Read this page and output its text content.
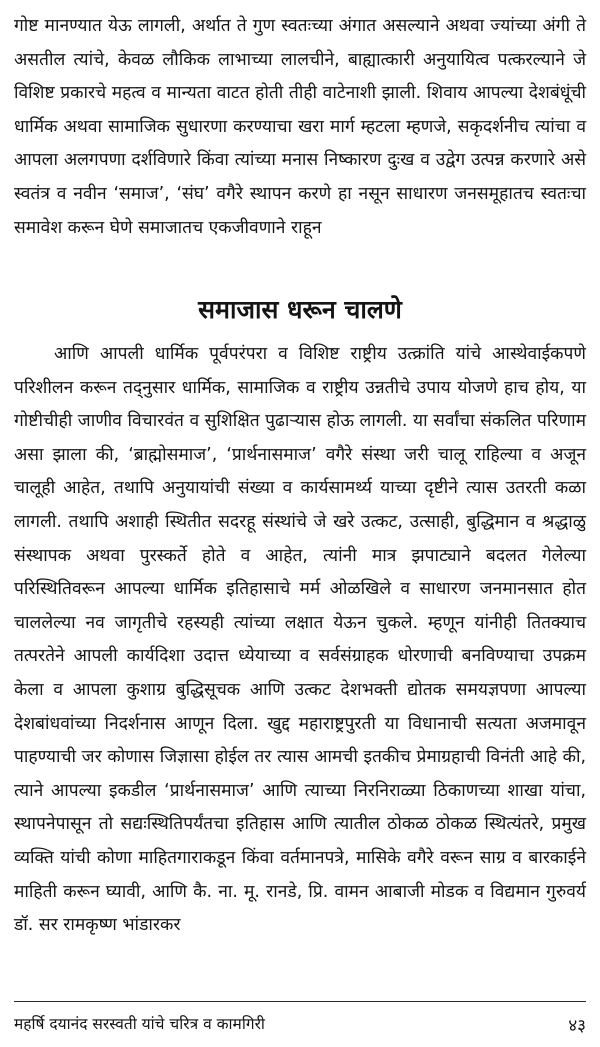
गोष्ट मानण्यात येऊ लागली, अर्थात ते गुण स्वतःच्या अंगात असल्याने अथवा ज्यांच्या अंगी ते असतील त्यांचे, केवळ लौकिक लाभाच्या लालचीने, बाह्यात्कारी अनुयायित्व पत्करल्याने जे विशिष्ट प्रकारचे महत्व व मान्यता वाटत होती तीही वाटेनाशी झाली. शिवाय आपल्या देशबंधूंची धार्मिक अथवा सामाजिक सुधारणा करण्याचा खरा मार्ग म्हटला म्हणजे, सकृदर्शनीच त्यांचा व आपला अलगपणा दर्शविणारे किंवा त्यांच्या मनास निष्कारण दुःख व उद्वेग उत्पन्न करणारे असे स्वतंत्र व नवीन ‘समाज’, ‘संघ’ वगैरे स्थापन करणे हा नसून साधारण जनसमूहातच स्वतःचा समावेश करून घेणे समाजातच एकजीवणाने राहून

समाजास धरून चालणे

आणि आपली धार्मिक पूर्वपरंपरा व विशिष्ट राष्ट्रीय उत्क्रांति यांचे आस्थेवाईकपणे परिशीलन करून तद्नुसार धार्मिक, सामाजिक व राष्ट्रीय उन्नतीचे उपाय योजणे हाच होय, या गोष्टीचीही जाणीव विचारवंत व सुशिक्षित पुढाऱ्यास होऊ लागली. या सर्वांचा संकलित परिणाम असा झाला की, ‘ब्राह्मोसमाज’, ‘प्रार्थनासमाज’ वगैरे संस्था जरी चालू राहिल्या व अजून चालूही आहेत, तथापि अनुयायांची संख्या व कार्यसामर्थ्य याच्या दृष्टीने त्यास उतरती कळा लागली. तथापि अशाही स्थितीत सदरहू संस्थांचे जे खरे उत्कट, उत्साही, बुद्धिमान व श्रद्धाळु संस्थापक अथवा पुरस्कर्ते होते व आहेत, त्यांनी मात्र झपाट्याने बदलत गेलेल्या परिस्थितिवरून आपल्या धार्मिक इतिहासाचे मर्म ओळखिले व साधारण जनमानसात होत चाललेल्या नव जागृतीचे रहस्यही त्यांच्या लक्षात येऊन चुकले. म्हणून यांनीही तितक्याच तत्परतेने आपली कार्यदिशा उदात्त ध्येयाच्या व सर्वसंग्राहक धोरणाची बनविण्याचा उपक्रम केला व आपला कुशाग्र बुद्धिसूचक आणि उत्कट देशभक्ती द्योतक समयज्ञपणा आपल्या देशबांधवांच्या निदर्शनास आणून दिला. खुद्द महाराष्ट्रपुरती या विधानाची सत्यता अजमावून पाहण्याची जर कोणास जिज्ञासा होईल तर त्यास आमची इतकीच प्रेमाग्रहाची विनंती आहे की, त्याने आपल्या इकडील ‘प्रार्थनासमाज’ आणि त्याच्या निरनिराळ्या ठिकाणच्या शाखा यांचा, स्थापनेपासून तो सद्यःस्थितिपर्यंतचा इतिहास आणि त्यातील ठोकळ ठोकळ स्थित्यंतरे, प्रमुख व्यक्ति यांची कोणा माहितगाराकडून किंवा वर्तमानपत्रे, मासिके वगैरे वरून साग्र व बारकाईने माहिती करून घ्यावी, आणि कै. ना. मू. रानडे, प्रि. वामन आबाजी मोडक व विद्यमान गुरुवर्य डॉ. सर रामकृष्ण भांडारकर

महर्षि दयानंद सरस्वती यांचे चरित्र व कामगिरी	४३
